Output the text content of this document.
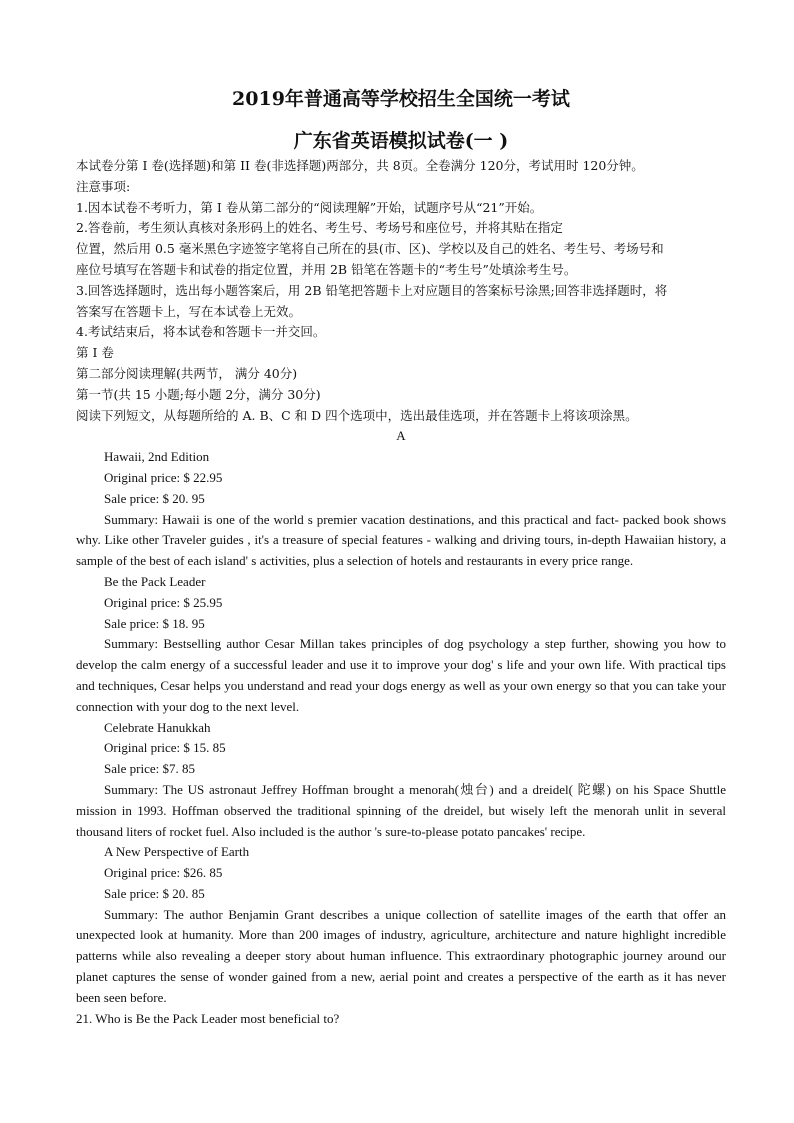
2019年普通高等学校招生全国统一考试
广东省英语模拟试卷(一 )
本试卷分第 I 卷(选择题)和第 II 卷(非选择题)两部分，共 8页。全卷满分 120分，考试用时 120分钟。
注意事项:
1.因本试卷不考听力，第 I 卷从第二部分的“阅读理解”开始，试题序号从“21”开始。
2.答卷前，考生须认真核对条形码上的姓名、考生号、考场号和座位号，并将其贴在指定
位置，然后用 0.5 毫米黑色字迹签字笔将自己所在的县(市、区)、学校以及自己的姓名、考生号、考场号和
座位号填写在答题卡和试卷的指定位置，并用 2B 铅笔在答题卡的“考生号”处填涂考生号。
3.回答选择题时，选出每小题答案后，用 2B 铅笔把答题卡上对应题目的答案标号涂黑;回答非选择题时，将
答案写在答题卡上，写在本试卷上无效。
4.考试结束后，将本试卷和答题卡一并交回。
第 I 卷
第二部分阅读理解(共两节， 满分 40分)
第一节(共 15 小题;每小题 2分，满分 30分)
阅读下列短文，从每题所给的 A. B、C 和 D 四个选项中，选出最佳选项，并在答题卡上将该项涂黑。
A
Hawaii, 2nd Edition
Original price: $ 22.95
Sale price: $ 20. 95
Summary: Hawaii is one of the world s premier vacation destinations, and this practical and fact- packed book shows why. Like other Traveler guides , it's a treasure of special features - walking and driving tours, in-depth Hawaiian history, a sample of the best of each island' s activities, plus a selection of hotels and restaurants in every price range.
Be the Pack Leader
Original price: $ 25.95
Sale price: $ 18. 95
Summary: Bestselling author Cesar Millan takes principles of dog psychology a step further, showing you how to develop the calm energy of a successful leader and use it to improve your dog' s life and your own life. With practical tips and techniques, Cesar helps you understand and read your dogs energy as well as your own energy so that you can take your connection with your dog to the next level.
Celebrate Hanukkah
Original price: $ 15. 85
Sale price: $7. 85
Summary: The US astronaut Jeffrey Hoffman brought a menorah(烛台) and a dreidel( 陀螺) on his Space Shuttle mission in 1993. Hoffman observed the traditional spinning of the dreidel, but wisely left the menorah unlit in several thousand liters of rocket fuel. Also included is the author 's sure-to-please potato pancakes' recipe.
A New Perspective of Earth
Original price: $26. 85
Sale price: $ 20. 85
Summary: The author Benjamin Grant describes a unique collection of satellite images of the earth that offer an unexpected look at humanity. More than 200 images of industry, agriculture, architecture and nature highlight incredible patterns while also revealing a deeper story about human influence. This extraordinary photographic journey around our planet captures the sense of wonder gained from a new, aerial point and creates a perspective of the earth as it has never been seen before.
21. Who is Be the Pack Leader most beneficial to?
